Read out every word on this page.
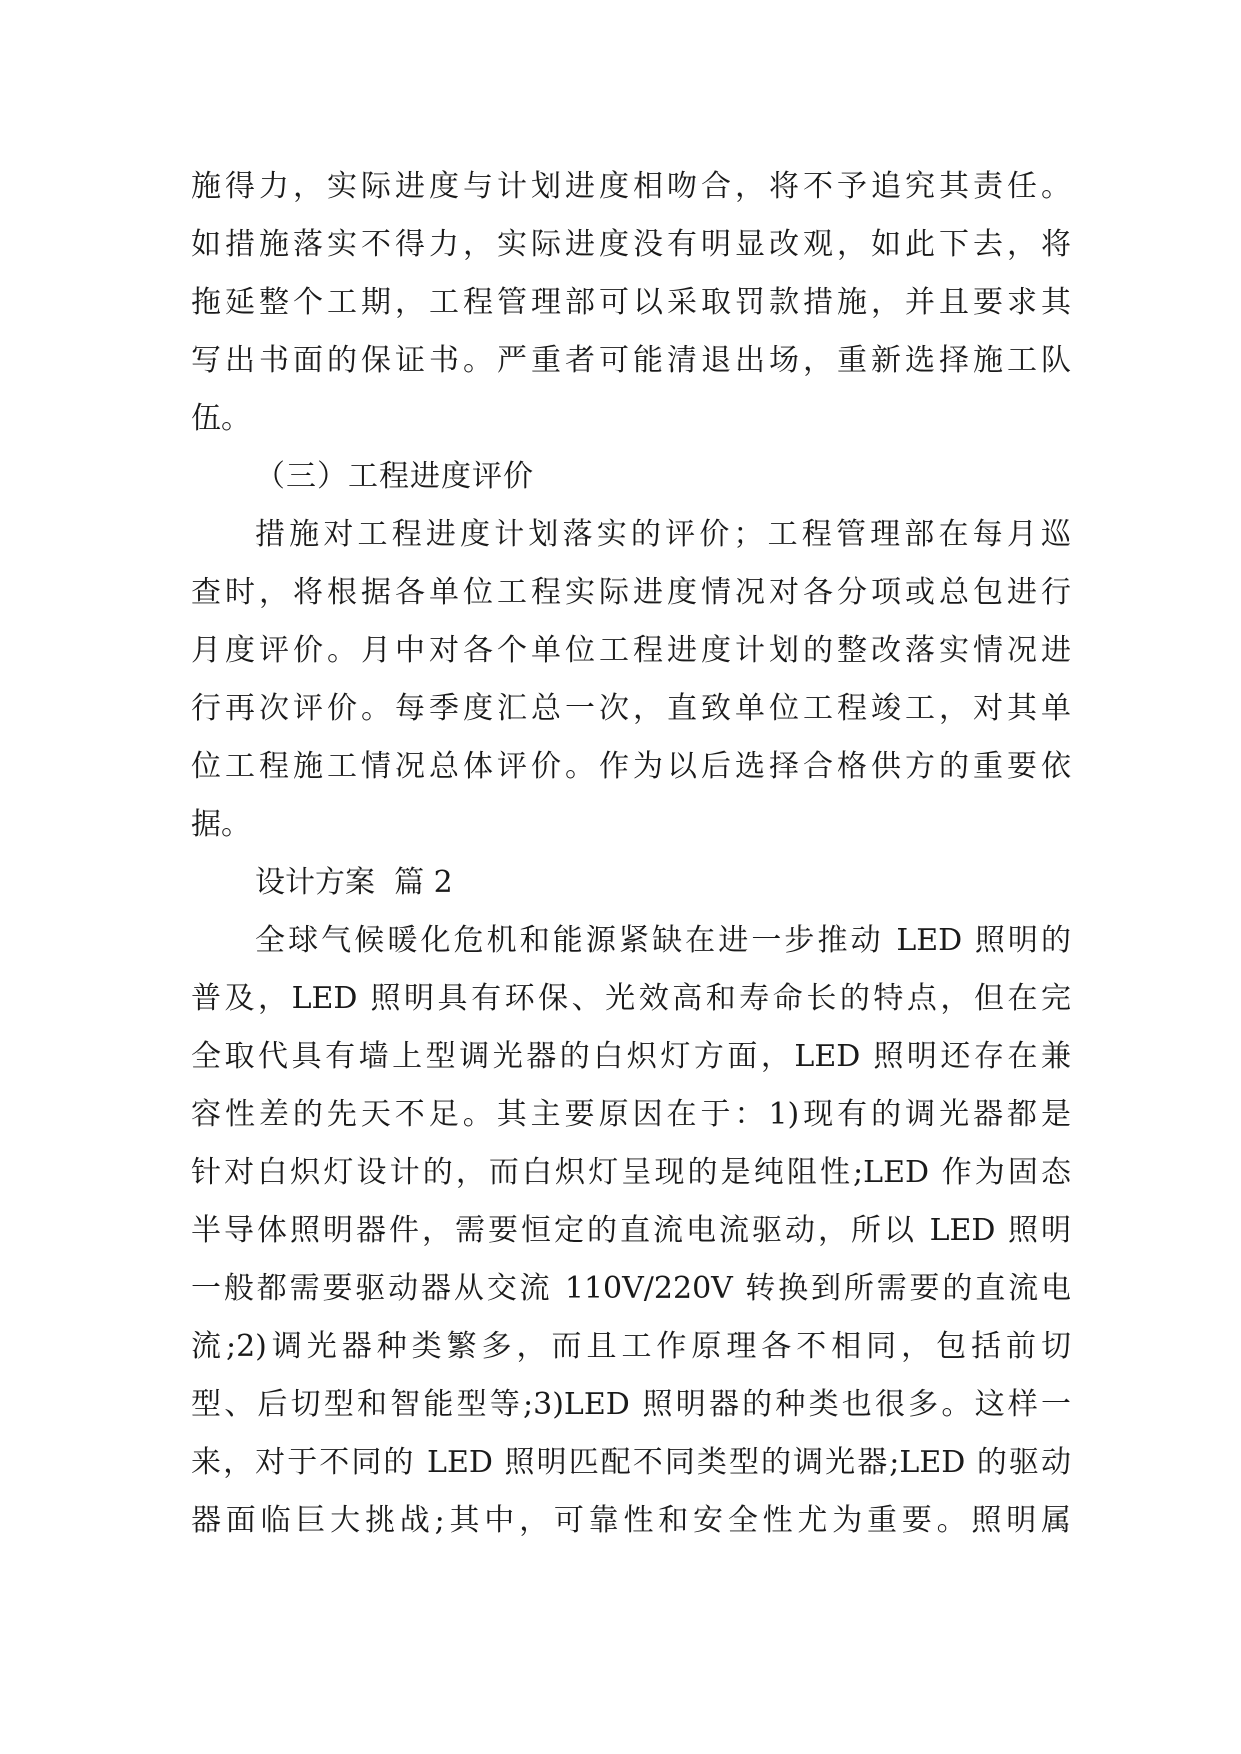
施得力，实际进度与计划进度相吻合，将不予追究其责任。
如措施落实不得力，实际进度没有明显改观，如此下去，将
拖延整个工期，工程管理部可以采取罚款措施，并且要求其
写出书面的保证书。严重者可能清退出场，重新选择施工队
伍。
（三）工程进度评价
措施对工程进度计划落实的评价；工程管理部在每月巡
查时，将根据各单位工程实际进度情况对各分项或总包进行
月度评价。月中对各个单位工程进度计划的整改落实情况进
行再次评价。每季度汇总一次，直致单位工程竣工，对其单
位工程施工情况总体评价。作为以后选择合格供方的重要依
据。
设计方案  篇 2
全球气候暖化危机和能源紧缺在进一步推动 LED 照明的
普及，LED 照明具有环保、光效高和寿命长的特点，但在完
全取代具有墙上型调光器的白炽灯方面，LED 照明还存在兼
容性差的先天不足。其主要原因在于：1)现有的调光器都是
针对白炽灯设计的，而白炽灯呈现的是纯阻性;LED 作为固态
半导体照明器件，需要恒定的直流电流驱动，所以 LED 照明
一般都需要驱动器从交流 110V/220V 转换到所需要的直流电
流;2)调光器种类繁多，而且工作原理各不相同，包括前切
型、后切型和智能型等;3)LED 照明器的种类也很多。这样一
来，对于不同的 LED 照明匹配不同类型的调光器;LED 的驱动
器面临巨大挑战;其中，可靠性和安全性尤为重要。照明属
